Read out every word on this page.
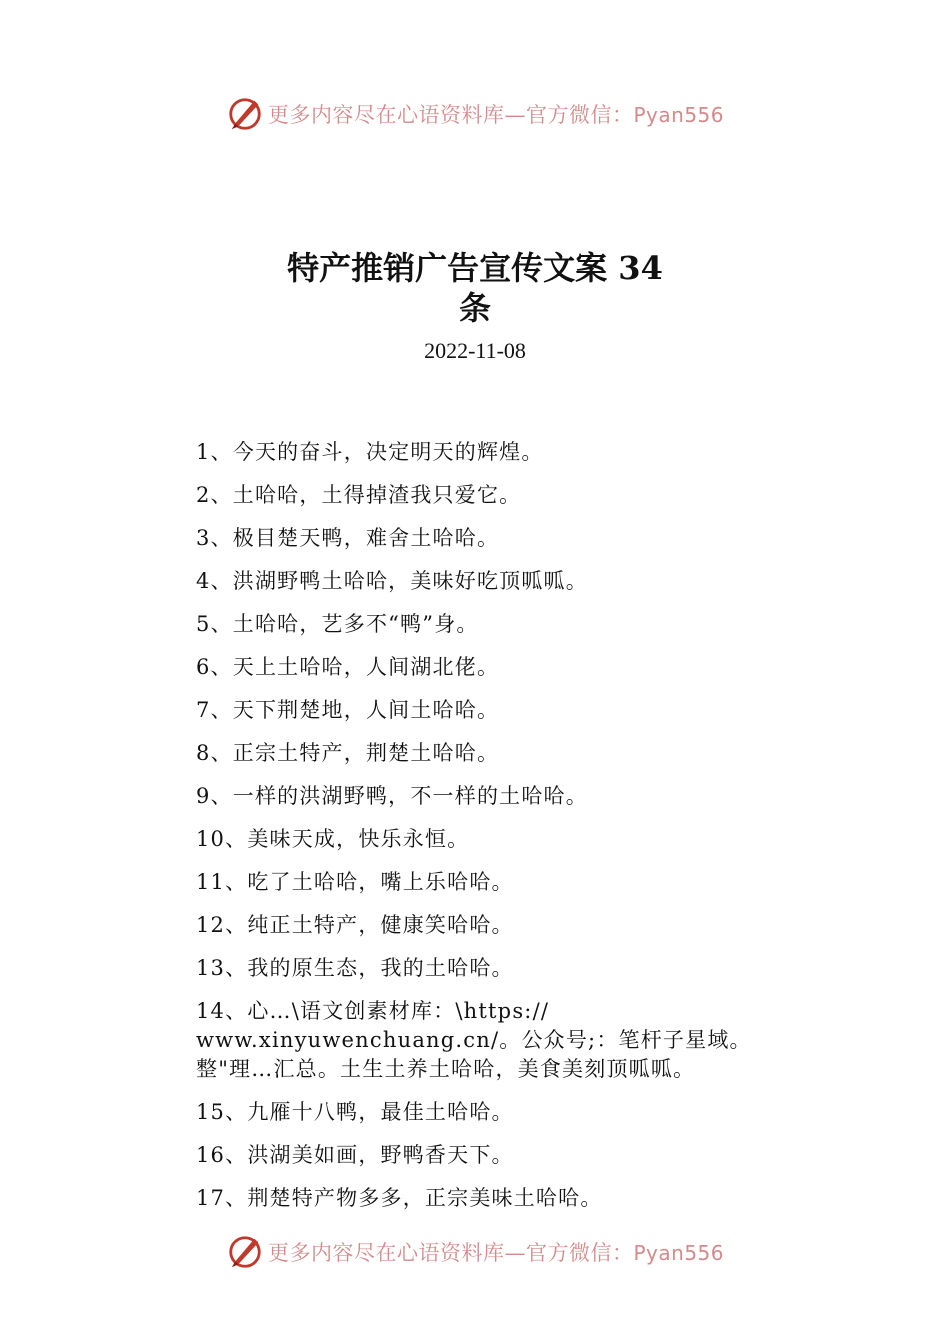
更多内容尽在心语资料库—官方微信：Pyan556
特产推销广告宣传文案 34
条
2022-11-08
1、今天的奋斗，决定明天的辉煌。
2、土哈哈，土得掉渣我只爱它。
3、极目楚天鸭，难舍土哈哈。
4、洪湖野鸭土哈哈，美味好吃顶呱呱。
5、土哈哈，艺多不“鸭”身。
6、天上土哈哈，人间湖北佬。
7、天下荆楚地，人间土哈哈。
8、正宗土特产，荆楚土哈哈。
9、一样的洪湖野鸭，不一样的土哈哈。
10、美味天成，快乐永恒。
11、吃了土哈哈，嘴上乐哈哈。
12、纯正土特产，健康笑哈哈。
13、我的原生态，我的土哈哈。
14、心…\语文创素材库：\https://
www.xinyuwenchuang.cn/。公众号;：笔杆子星域。
整"理…汇总。土生土养土哈哈，美食美刻顶呱呱。
15、九雁十八鸭，最佳土哈哈。
16、洪湖美如画，野鸭香天下。
17、荆楚特产物多多，正宗美味土哈哈。
更多内容尽在心语资料库—官方微信：Pyan556
